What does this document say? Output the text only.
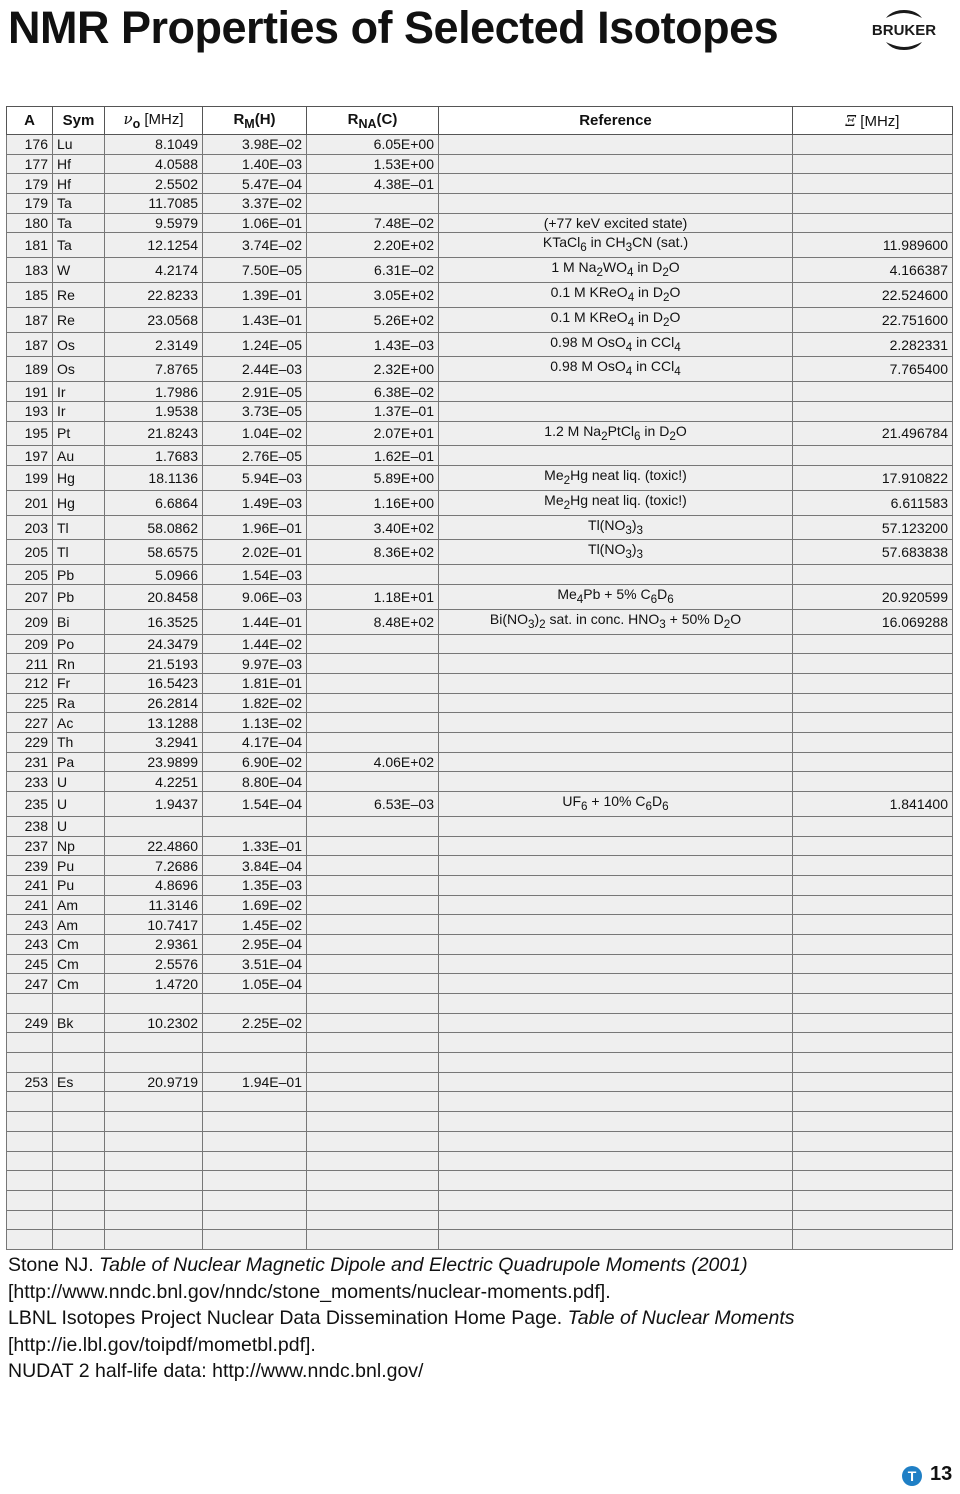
NMR Properties of Selected Isotopes	BRUKER
A	Sym	$\nu_o$ [MHz]	$R_M(H)$	$R_{NA}(C)$	Reference	Ξ [MHz]
176	Lu	8.1049	3.98E–02	6.05E+00		
177	Hf	4.0588	1.40E–03	1.53E+00		
179	Hf	2.5502	5.47E–04	4.38E–01		
179	Ta	11.7085	3.37E–02			
180	Ta	9.5979	1.06E–01	7.48E–02	(+77 keV excited state)	
181	Ta	12.1254	3.74E–02	2.20E+02	KTaCl$_6$ in $CH_3CN$ (sat.)	11.989600
183	W	4.2174	7.50E–05	6.31E–02	1 M $Na_2WO_4$ in $D_2O$	4.166387
185	Re	22.8233	1.39E–01	3.05E+02	0.1 M KReO$_4$ in $D_2O$	22.524600
187	Re	23.0568	1.43E–01	5.26E+02	0.1 M KReO$_4$ in $D_2O$	22.751600
187	Os	2.3149	1.24E–05	1.43E–03	0.98 M OsO$_4$ in CCl$_4$	2.282331
189	Os	7.8765	2.44E–03	2.32E+00	0.98 M OsO$_4$ in CCl$_4$	7.765400
191	Ir	1.7986	2.91E–05	6.38E–02		
193	Ir	1.9538	3.73E–05	1.37E–01		
195	Pt	21.8243	1.04E–02	2.07E+01	1.2 M $Na_2PtCl_6$ in $D_2O$	21.496784
197	Au	1.7683	2.76E–05	1.62E–01		
199	Hg	18.1136	5.94E–03	5.89E+00	$Me_2Hg$ neat liq. (toxic!)	17.910822
201	Hg	6.6864	1.49E–03	1.16E+00	$Me_2Hg$ neat liq. (toxic!)	6.611583
203	Tl	58.0862	1.96E–01	3.40E+02	$Tl(NO_3)_3$	57.123200
205	Tl	58.6575	2.02E–01	8.36E+02	$Tl(NO_3)_3$	57.683838
205	Pb	5.0966	1.54E–03			
207	Pb	20.8458	9.06E–03	1.18E+01	$Me_4Pb + 5\%$ $C_6D_6$	20.920599
209	Bi	16.3525	1.44E–01	8.48E+02	$Bi(NO_3)_2$ sat. in conc. $HNO_3 + 50\%$ $D_2O$	16.069288
209	Po	24.3479	1.44E–02			
211	Rn	21.5193	9.97E–03			
212	Fr	16.5423	1.81E–01			
225	Ra	26.2814	1.82E–02			
227	Ac	13.1288	1.13E–02			
229	Th	3.2941	4.17E–04			
231	Pa	23.9899	6.90E–02	4.06E+02		
233	U	4.2251	8.80E–04			
235	U	1.9437	1.54E–04	6.53E–03	$UF_6 + 10\%$ $C_6D_6$	1.841400
238	U					
237	Np	22.4860	1.33E–01			
239	Pu	7.2686	3.84E–04			
241	Pu	4.8696	1.35E–03			
241	Am	11.3146	1.69E–02			
243	Am	10.7417	1.45E–02			
243	Cm	2.9361	2.95E–04			
245	Cm	2.5576	3.51E–04			
247	Cm	1.4720	1.05E–04			

249	Bk	10.2302	2.25E–02			

253	Es	20.9719	1.94E–01			

Stone NJ. Table of Nuclear Magnetic Dipole and Electric Quadrupole Moments (2001)

[http://www.nndc.bnl.gov/nndc/stone_moments/nuclear-moments.pdf].

LBNL Isotopes Project Nuclear Data Dissemination Home Page. Table of Nuclear Moments

[http://ie.lbl.gov/toipdf/mometbl.pdf].

NUDAT 2 half-life data: http://www.nndc.bnl.gov/

T 13
